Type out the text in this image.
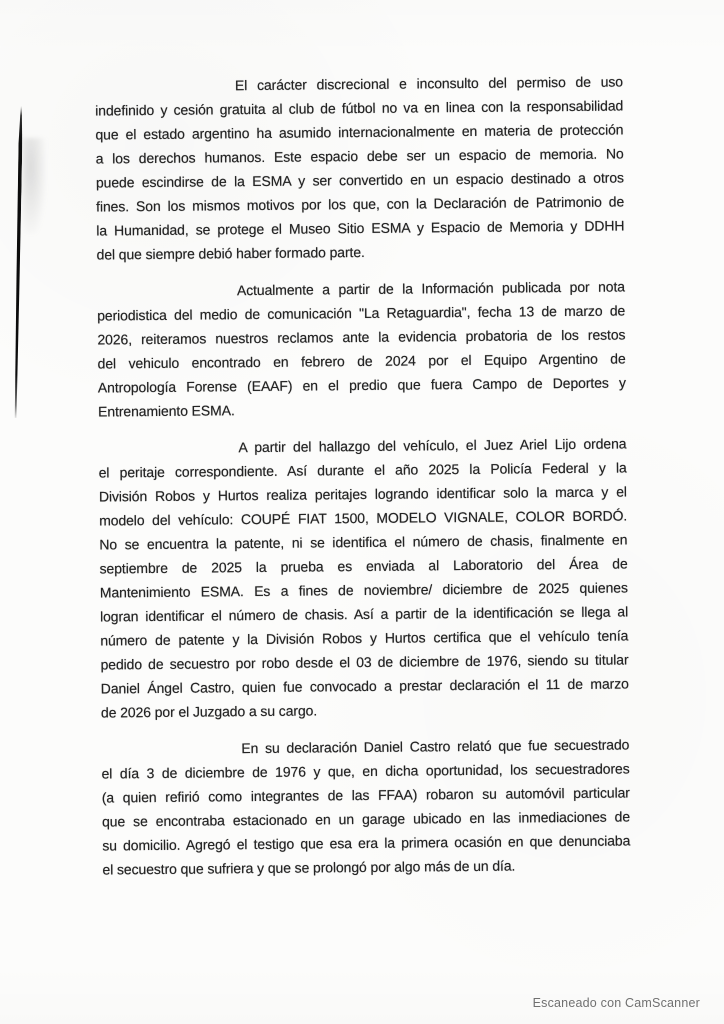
El carácter discrecional e inconsulto del permiso de uso
indefinido y cesión gratuita al club de fútbol no va en linea con la responsabilidad
que el estado argentino ha asumido internacionalmente en materia de protección
a los derechos humanos. Este espacio debe ser un espacio de memoria. No
puede escindirse de la ESMA y ser convertido en un espacio destinado a otros
fines. Son los mismos motivos por los que, con la Declaración de Patrimonio de
la Humanidad, se protege el Museo Sitio ESMA y Espacio de Memoria y DDHH
del que siempre debió haber formado parte.

Actualmente a partir de la Información publicada por nota
periodistica del medio de comunicación "La Retaguardia", fecha 13 de marzo de
2026, reiteramos nuestros reclamos ante la evidencia probatoria de los restos
del vehiculo encontrado en febrero de 2024 por el Equipo Argentino de
Antropología Forense (EAAF) en el predio que fuera Campo de Deportes y
Entrenamiento ESMA.

A partir del hallazgo del vehículo, el Juez Ariel Lijo ordena
el peritaje correspondiente. Así durante el año 2025 la Policía Federal y la
División Robos y Hurtos realiza peritajes logrando identificar solo la marca y el
modelo del vehículo: COUPÉ FIAT 1500, MODELO VIGNALE, COLOR BORDÓ.
No se encuentra la patente, ni se identifica el número de chasis, finalmente en
septiembre de 2025 la prueba es enviada al Laboratorio del Área de
Mantenimiento ESMA. Es a fines de noviembre/ diciembre de 2025 quienes
logran identificar el número de chasis. Así a partir de la identificación se llega al
número de patente y la División Robos y Hurtos certifica que el vehículo tenía
pedido de secuestro por robo desde el 03 de diciembre de 1976, siendo su titular
Daniel Ángel Castro, quien fue convocado a prestar declaración el 11 de marzo
de 2026 por el Juzgado a su cargo.

En su declaración Daniel Castro relató que fue secuestrado
el día 3 de diciembre de 1976 y que, en dicha oportunidad, los secuestradores
(a quien refirió como integrantes de las FFAA) robaron su automóvil particular
que se encontraba estacionado en un garage ubicado en las inmediaciones de
su domicilio. Agregó el testigo que esa era la primera ocasión en que denunciaba
el secuestro que sufriera y que se prolongó por algo más de un día.

Escaneado con CamScanner
